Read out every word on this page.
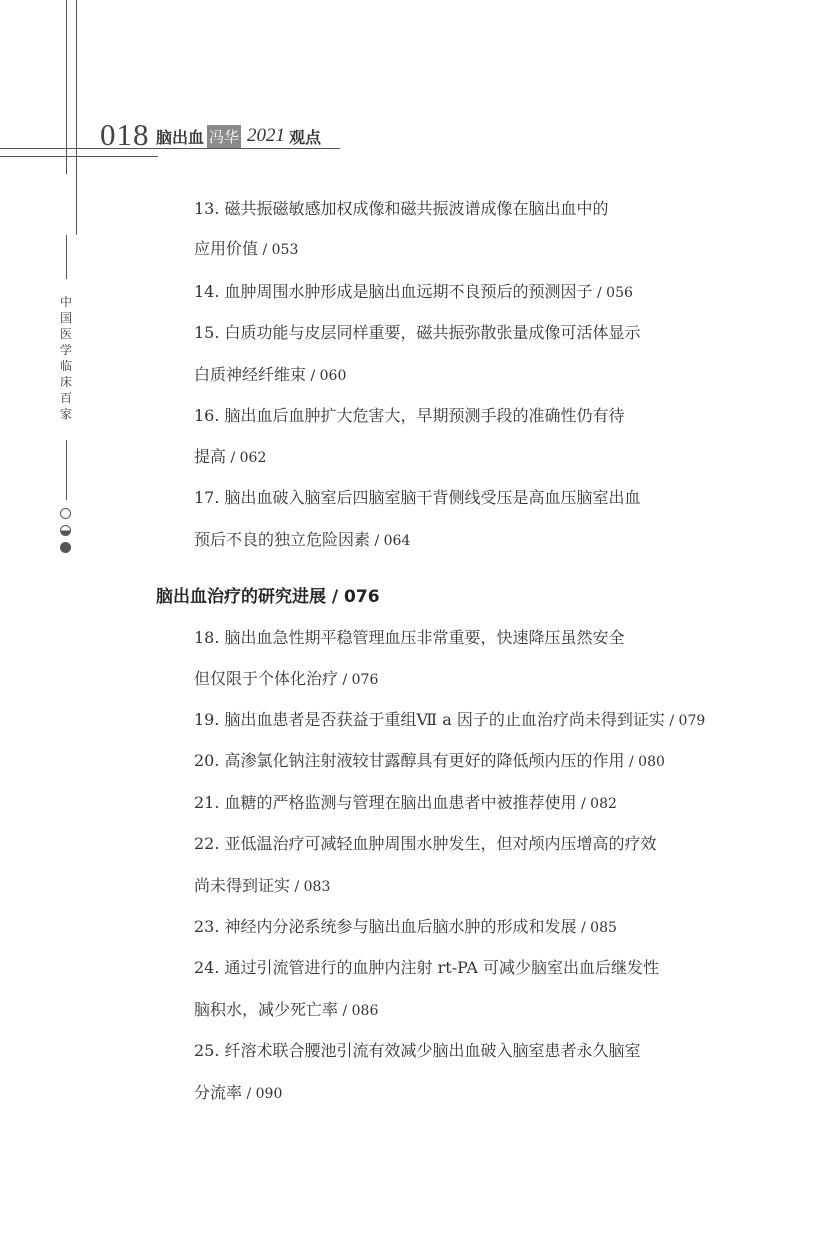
018 脑出血 冯华 2021 观点
中国医学临床百家
13. 磁共振磁敏感加权成像和磁共振波谱成像在脑出血中的
应用价值 / 053
14. 血肿周围水肿形成是脑出血远期不良预后的预测因子 / 056
15. 白质功能与皮层同样重要，磁共振弥散张量成像可活体显示
白质神经纤维束 / 060
16. 脑出血后血肿扩大危害大，早期预测手段的准确性仍有待
提高 / 062
17. 脑出血破入脑室后四脑室脑干背侧线受压是高血压脑室出血
预后不良的独立危险因素 / 064
脑出血治疗的研究进展 / 076
18. 脑出血急性期平稳管理血压非常重要，快速降压虽然安全
但仅限于个体化治疗 / 076
19. 脑出血患者是否获益于重组Ⅶ a 因子的止血治疗尚未得到证实 / 079
20. 高渗氯化钠注射液较甘露醇具有更好的降低颅内压的作用 / 080
21. 血糖的严格监测与管理在脑出血患者中被推荐使用 / 082
22. 亚低温治疗可减轻血肿周围水肿发生，但对颅内压增高的疗效
尚未得到证实 / 083
23. 神经内分泌系统参与脑出血后脑水肿的形成和发展 / 085
24. 通过引流管进行的血肿内注射 rt-PA 可减少脑室出血后继发性
脑积水，减少死亡率 / 086
25. 纤溶术联合腰池引流有效减少脑出血破入脑室患者永久脑室
分流率 / 090
